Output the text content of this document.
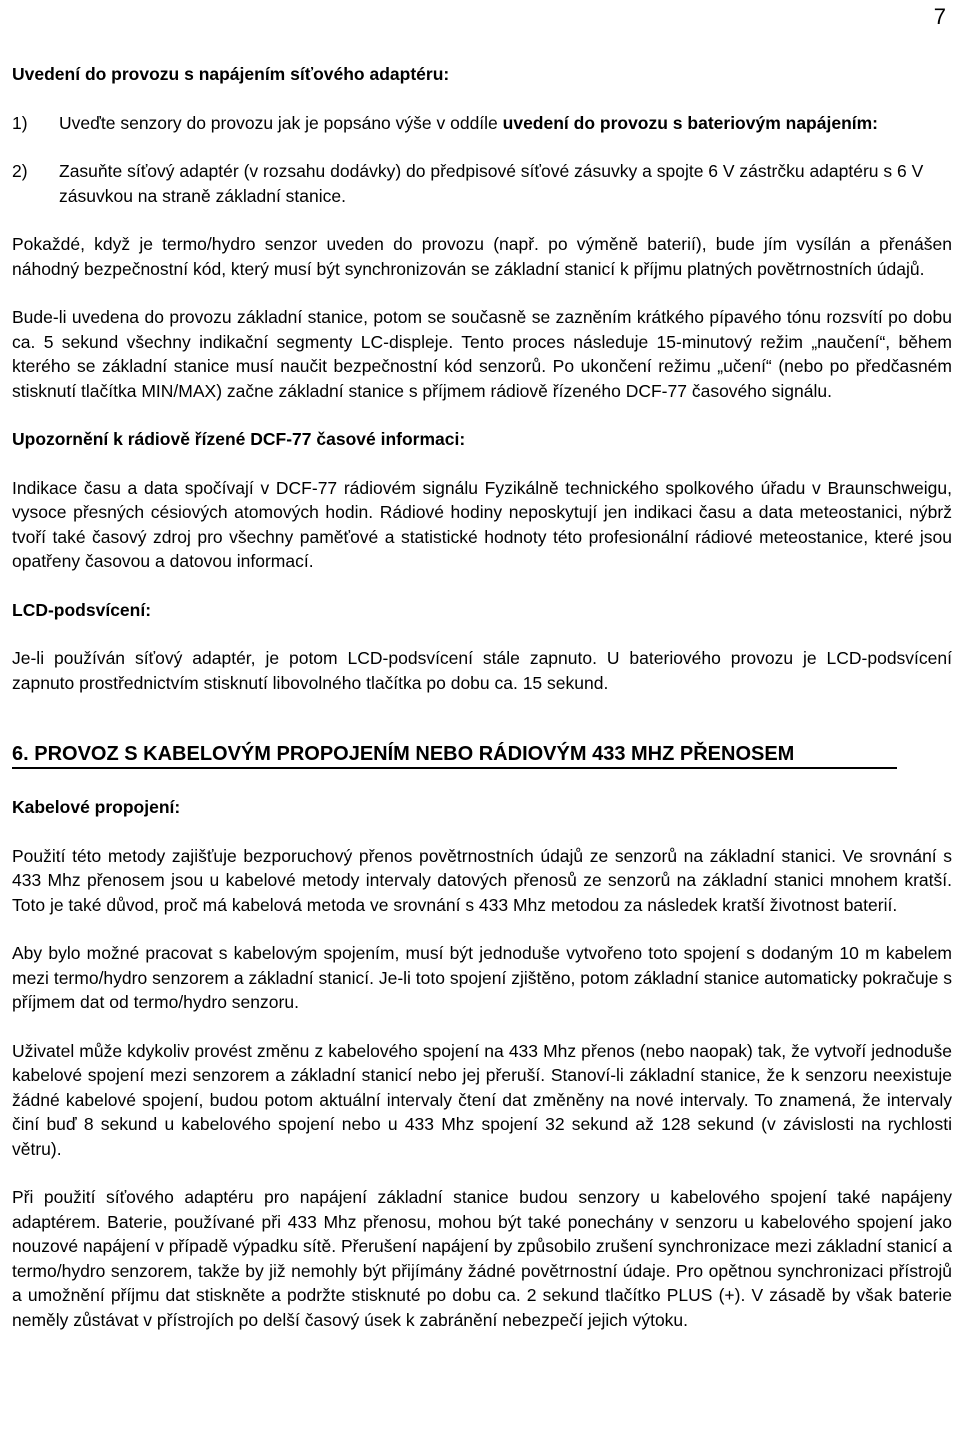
7

Uvedení do provozu s napájením síťového adaptéru:

1)	Uveďte senzory do provozu jak je popsáno výše v oddíle uvedení do provozu s bateriovým napájením:
2)	Zasuňte síťový adaptér (v rozsahu dodávky) do předpisové síťové zásuvky a spojte 6 V zástrčku adaptéru s 6 V zásuvkou na straně základní stanice.

Pokaždé, když je termo/hydro senzor uveden do provozu (např. po výměně baterií), bude jím vysílán a přenášen náhodný bezpečnostní kód, který musí být synchronizován se základní stanicí k příjmu platných povětrnostních údajů.

Bude-li uvedena do provozu základní stanice, potom se současně se zazněním krátkého pípavého tónu rozsvítí po dobu ca. 5 sekund všechny indikační segmenty LC-displeje. Tento proces následuje 15-minutový režim „naučení“, během kterého se základní stanice musí naučit bezpečnostní kód senzorů. Po ukončení režimu „učení“ (nebo po předčasném stisknutí tlačítka MIN/MAX) začne základní stanice s příjmem rádiově řízeného DCF-77 časového signálu.

Upozornění k rádiově řízené DCF-77 časové informaci:

Indikace času a data spočívají v DCF-77 rádiovém signálu Fyzikálně technického spolkového úřadu v Braunschweigu, vysoce přesných césiových atomových hodin. Rádiové hodiny neposkytují jen indikaci času a data meteostanici, nýbrž tvoří také časový zdroj pro všechny paměťové a statistické hodnoty této profesionální rádiové meteostanice, které jsou opatřeny časovou a datovou informací.

LCD-podsvícení:

Je-li používán síťový adaptér, je potom LCD-podsvícení stále zapnuto. U bateriového provozu je LCD-podsvícení zapnuto prostřednictvím stisknutí libovolného tlačítka po dobu ca. 15 sekund.

6. PROVOZ S KABELOVÝM PROPOJENÍM NEBO RÁDIOVÝM 433 MHZ PŘENOSEM

Kabelové propojení:

Použití této metody zajišťuje bezporuchový přenos povětrnostních údajů ze senzorů na základní stanici. Ve srovnání s 433 Mhz přenosem jsou u kabelové metody intervaly datových přenosů ze senzorů na základní stanici mnohem kratší. Toto je také důvod, proč má kabelová metoda ve srovnání s 433 Mhz metodou za následek kratší životnost baterií.

Aby bylo možné pracovat s kabelovým spojením, musí být jednoduše vytvořeno toto spojení s dodaným 10 m kabelem mezi termo/hydro senzorem a základní stanicí. Je-li toto spojení zjištěno, potom základní stanice automaticky pokračuje s příjmem dat od termo/hydro senzoru.

Uživatel může kdykoliv provést změnu z kabelového spojení na 433 Mhz přenos (nebo naopak) tak, že vytvoří jednoduše kabelové spojení mezi senzorem a základní stanicí nebo jej přeruší. Stanoví-li základní stanice, že k senzoru neexistuje žádné kabelové spojení, budou potom aktuální intervaly čtení dat změněny na nové intervaly. To znamená, že intervaly činí buď 8 sekund u kabelového spojení nebo u 433 Mhz spojení 32 sekund až 128 sekund (v závislosti na rychlosti větru).

Při použití síťového adaptéru pro napájení základní stanice budou senzory u kabelového spojení také napájeny adaptérem. Baterie, používané při 433 Mhz přenosu, mohou být také ponechány v senzoru u kabelového spojení jako nouzové napájení v případě výpadku sítě. Přerušení napájení by způsobilo zrušení synchronizace mezi základní stanicí a termo/hydro senzorem, takže by již nemohly být přijímány žádné povětrnostní údaje. Pro opětnou synchronizaci přístrojů a umožnění příjmu dat stiskněte a podržte stisknuté po dobu ca. 2 sekund tlačítko PLUS (+). V zásadě by však baterie neměly zůstávat v přístrojích po delší časový úsek k zabránění nebezpečí jejich výtoku.
